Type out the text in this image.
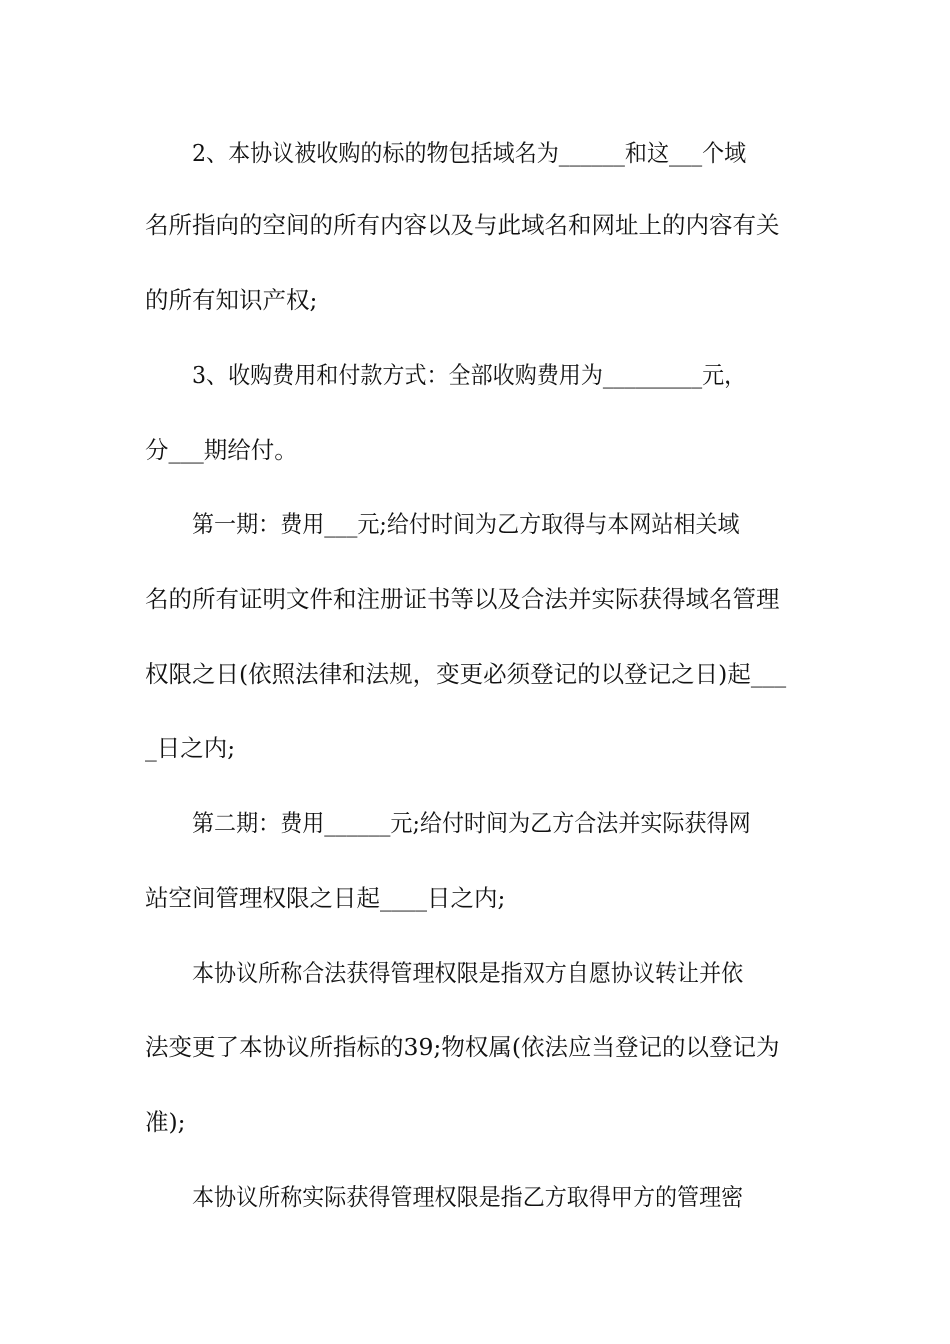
2、本协议被收购的标的物包括域名为______和这___个域

名所指向的空间的所有内容以及与此域名和网址上的内容有关

的所有知识产权;

3、收购费用和付款方式：全部收购费用为_________元，

分___期给付。

第一期：费用___元;给付时间为乙方取得与本网站相关域

名的所有证明文件和注册证书等以及合法并实际获得域名管理

权限之日(依照法律和法规，变更必须登记的以登记之日)起___

_日之内;

第二期：费用______元;给付时间为乙方合法并实际获得网

站空间管理权限之日起____日之内;

本协议所称合法获得管理权限是指双方自愿协议转让并依

法变更了本协议所指标的39;物权属(依法应当登记的以登记为

准);

本协议所称实际获得管理权限是指乙方取得甲方的管理密
